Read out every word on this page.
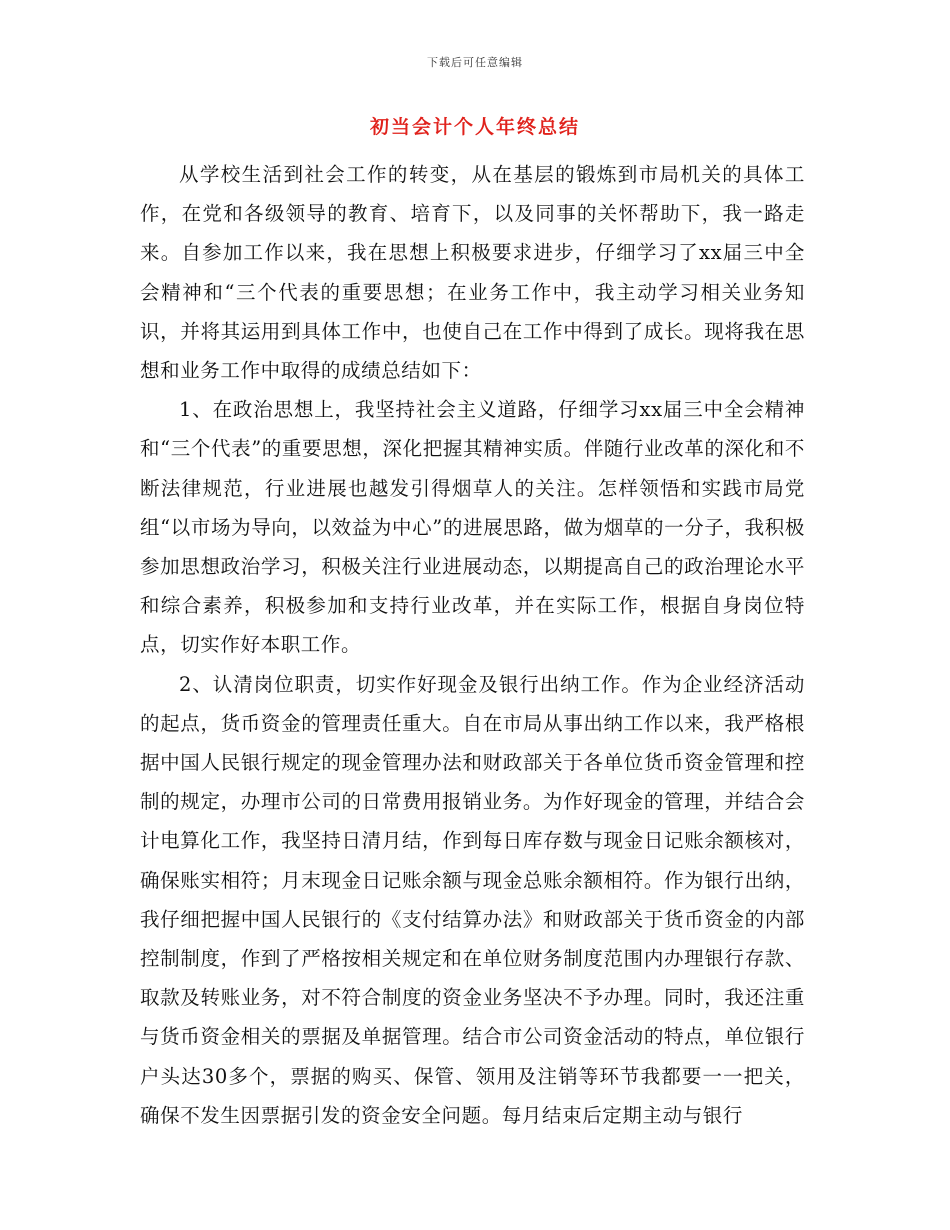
下载后可任意编辑
初当会计个人年终总结

从学校生活到社会工作的转变，从在基层的锻炼到市局机关的具体工作，在党和各级领导的教育、培育下，以及同事的关怀帮助下，我一路走来。自参加工作以来，我在思想上积极要求进步，仔细学习了xx届三中全会精神和“三个代表的重要思想；在业务工作中，我主动学习相关业务知识，并将其运用到具体工作中，也使自己在工作中得到了成长。现将我在思想和业务工作中取得的成绩总结如下：

1、在政治思想上，我坚持社会主义道路，仔细学习xx届三中全会精神和“三个代表”的重要思想，深化把握其精神实质。伴随行业改革的深化和不断法律规范，行业进展也越发引得烟草人的关注。怎样领悟和实践市局党组“以市场为导向，以效益为中心”的进展思路，做为烟草的一分子，我积极参加思想政治学习，积极关注行业进展动态，以期提高自己的政治理论水平和综合素养，积极参加和支持行业改革，并在实际工作，根据自身岗位特点，切实作好本职工作。

2、认清岗位职责，切实作好现金及银行出纳工作。作为企业经济活动的起点，货币资金的管理责任重大。自在市局从事出纳工作以来，我严格根据中国人民银行规定的现金管理办法和财政部关于各单位货币资金管理和控制的规定，办理市公司的日常费用报销业务。为作好现金的管理，并结合会计电算化工作，我坚持日清月结，作到每日库存数与现金日记账余额核对，确保账实相符；月末现金日记账余额与现金总账余额相符。作为银行出纳，我仔细把握中国人民银行的《支付结算办法》和财政部关于货币资金的内部控制制度，作到了严格按相关规定和在单位财务制度范围内办理银行存款、取款及转账业务，对不符合制度的资金业务坚决不予办理。同时，我还注重与货币资金相关的票据及单据管理。结合市公司资金活动的特点，单位银行户头达30多个，票据的购买、保管、领用及注销等环节我都要一一把关，确保不发生因票据引发的资金安全问题。每月结束后定期主动与银行
